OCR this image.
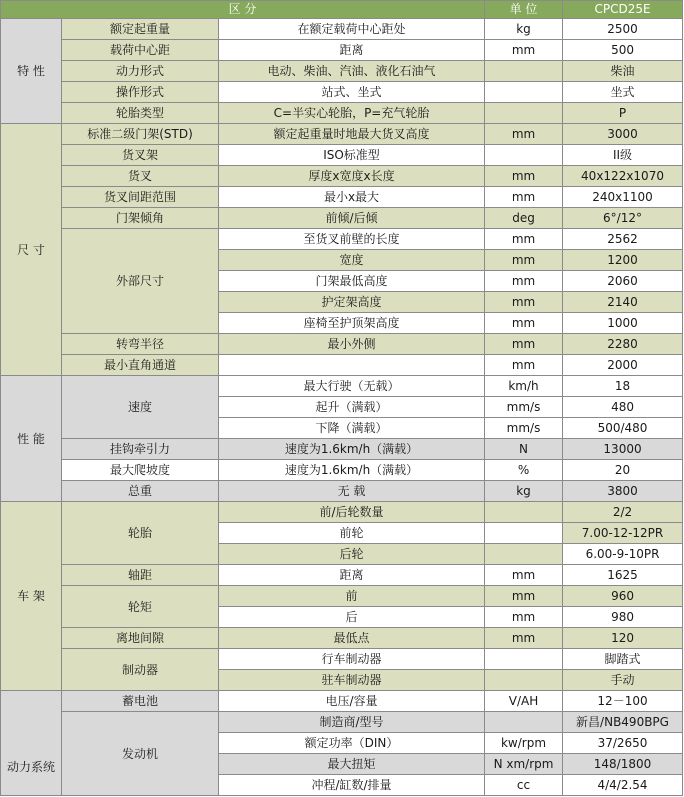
区 分			单 位	CPCD25E
特 性	额定起重量	在额定载荷中心距处	kg	2500
	载荷中心距	距离	mm	500
	动力形式	电动、柴油、汽油、液化石油气		柴油
	操作形式	站式、坐式		坐式
	轮胎类型	C=半实心轮胎，P=充气轮胎		P
尺 寸	标准二级门架(STD)	额定起重量时地最大货叉高度	mm	3000
	货叉架	ISO标准型		II级
	货叉	厚度x宽度x长度	mm	40x122x1070
	货叉间距范围	最小x最大	mm	240x1100
	门架倾角	前倾/后倾	deg	6°/12°
	外部尺寸	至货叉前壁的长度	mm	2562
		宽度	mm	1200
		门架最低高度	mm	2060
		护定架高度	mm	2140
		座椅至护顶架高度	mm	1000
	转弯半径	最小外侧	mm	2280
	最小直角通道		mm	2000
性 能	速度	最大行驶（无载）	km/h	18
		起升（满载）	mm/s	480
		下降（满载）	mm/s	500/480
	挂钩牵引力	速度为1.6km/h（满载）	N	13000
	最大爬坡度	速度为1.6km/h（满载）	%	20
	总重	无 载	kg	3800
车 架	轮胎	前/后轮数量		2/2
		前轮		7.00-12-12PR
		后轮		6.00-9-10PR
	轴距	距离	mm	1625
	轮矩	前	mm	960
		后	mm	980
	离地间隙	最低点	mm	120
	制动器	行车制动器		脚踏式
		驻车制动器		手动
动力系统	蓄电池	电压/容量	V/AH	12－100
	发动机	制造商/型号		新昌/NB490BPG
		额定功率（DIN）	kw/rpm	37/2650
		最大扭矩	N xm/rpm	148/1800
		冲程/缸数/排量	cc	4/4/2.54
